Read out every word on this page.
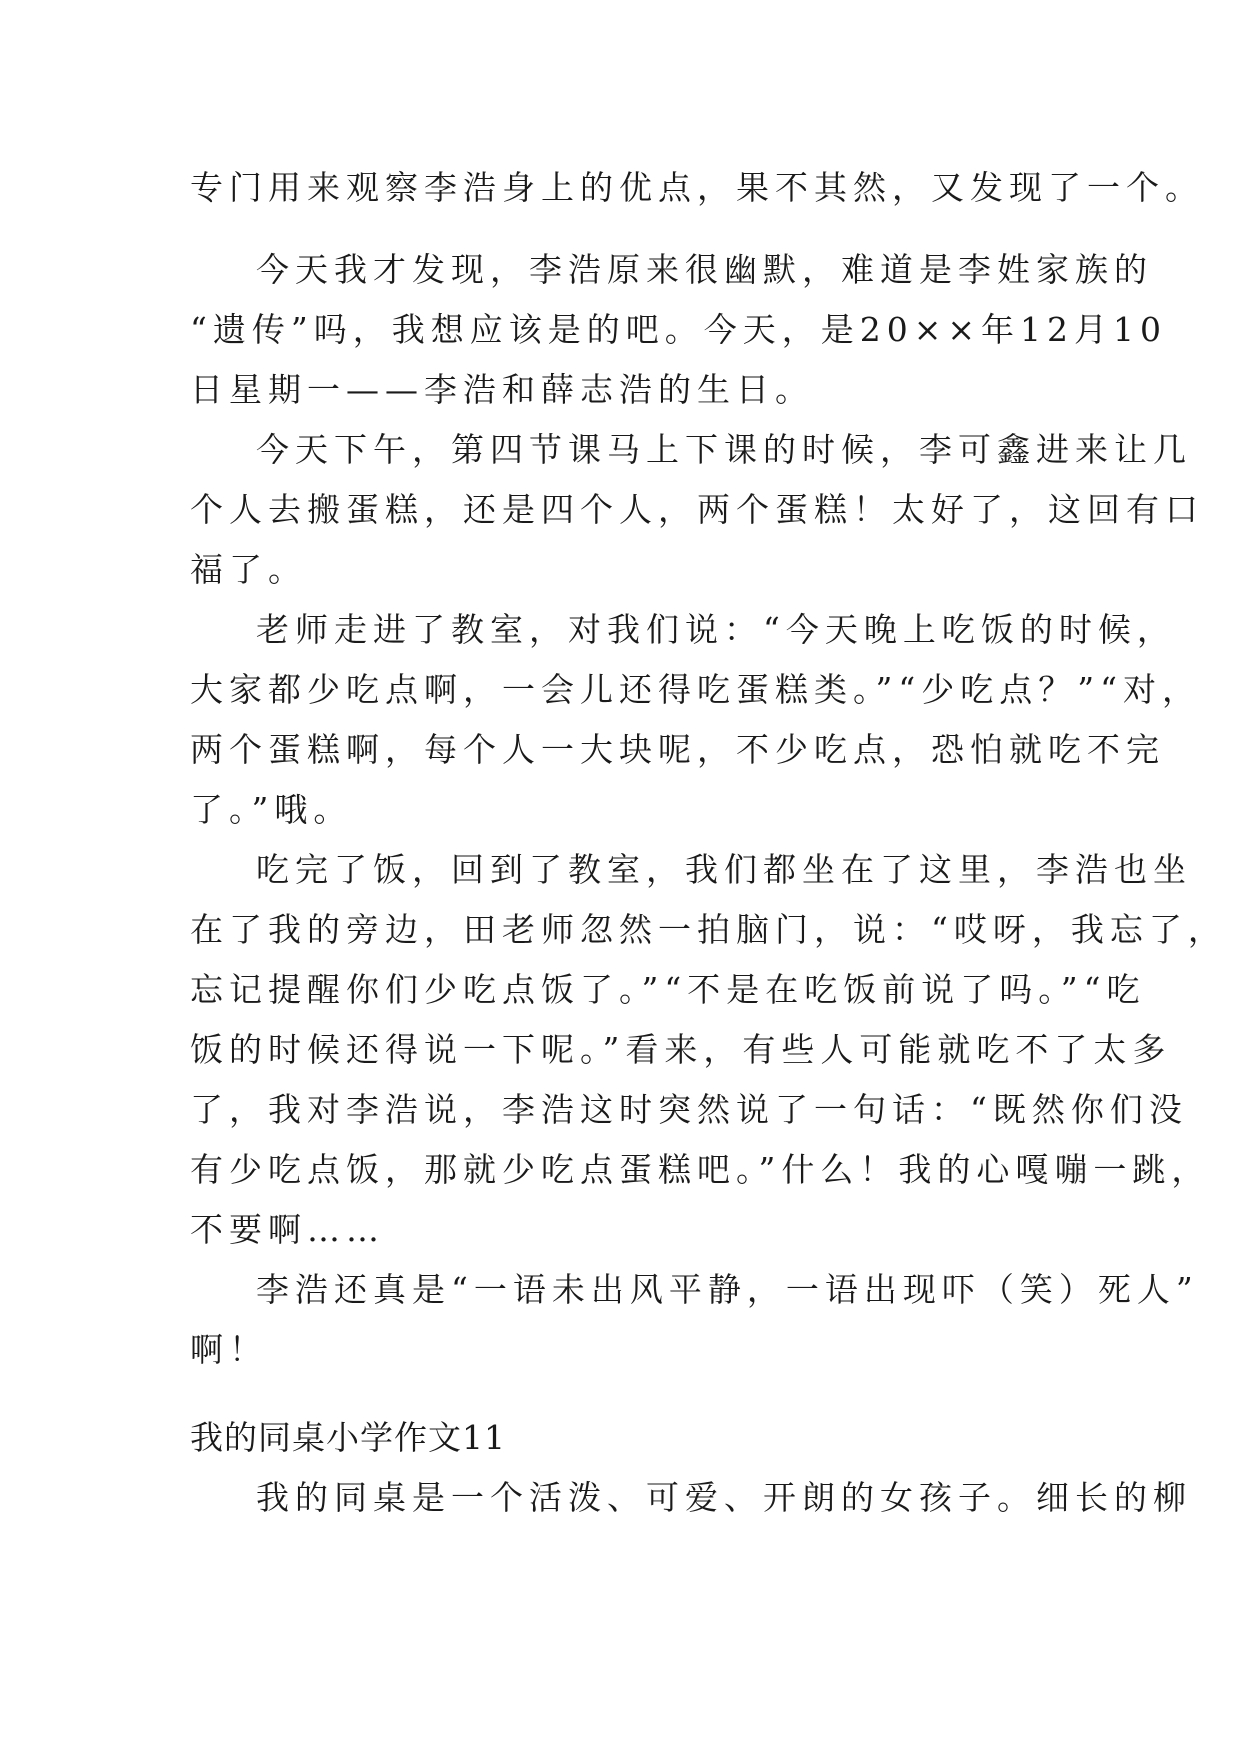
专门用来观察李浩身上的优点，果不其然，又发现了一个。
今天我才发现，李浩原来很幽默，难道是李姓家族的
“遗传”吗，我想应该是的吧。今天，是20××年12月10
日星期一——李浩和薛志浩的生日。
今天下午，第四节课马上下课的时候，李可鑫进来让几
个人去搬蛋糕，还是四个人，两个蛋糕！太好了，这回有口
福了。
老师走进了教室，对我们说：“今天晚上吃饭的时候，
大家都少吃点啊，一会儿还得吃蛋糕类。”“少吃点？”“对，
两个蛋糕啊，每个人一大块呢，不少吃点，恐怕就吃不完
了。”哦。
吃完了饭，回到了教室，我们都坐在了这里，李浩也坐
在了我的旁边，田老师忽然一拍脑门，说：“哎呀，我忘了，
忘记提醒你们少吃点饭了。”“不是在吃饭前说了吗。”“吃
饭的时候还得说一下呢。”看来，有些人可能就吃不了太多
了，我对李浩说，李浩这时突然说了一句话：“既然你们没
有少吃点饭，那就少吃点蛋糕吧。”什么！我的心嘎嘣一跳，
不要啊……
李浩还真是“一语未出风平静，一语出现吓（笑）死人”
啊！
我的同桌小学作文11
我的同桌是一个活泼、可爱、开朗的女孩子。细长的柳
